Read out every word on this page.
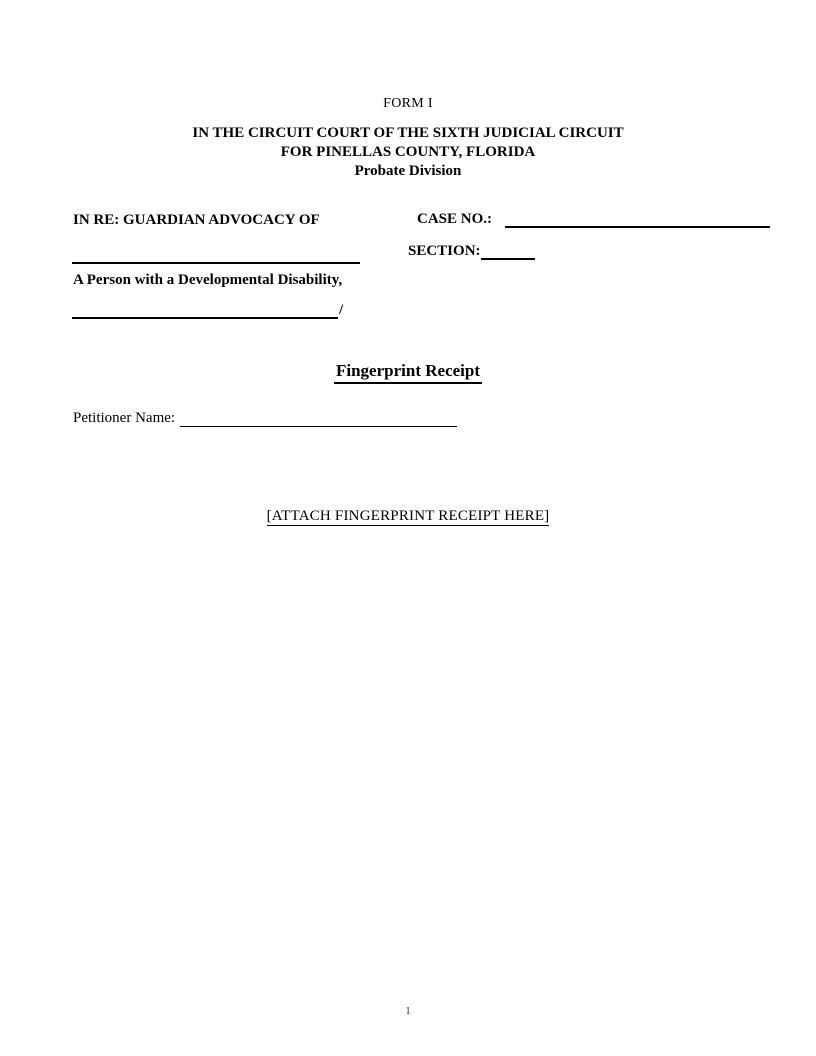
FORM I
IN THE CIRCUIT COURT OF THE SIXTH JUDICIAL CIRCUIT
FOR PINELLAS COUNTY, FLORIDA
Probate Division
IN RE: GUARDIAN ADVOCACY OF
A Person with a Developmental Disability,
/
CASE NO.:
SECTION:
Fingerprint Receipt
Petitioner Name:
[ATTACH FINGERPRINT RECEIPT HERE]
1
